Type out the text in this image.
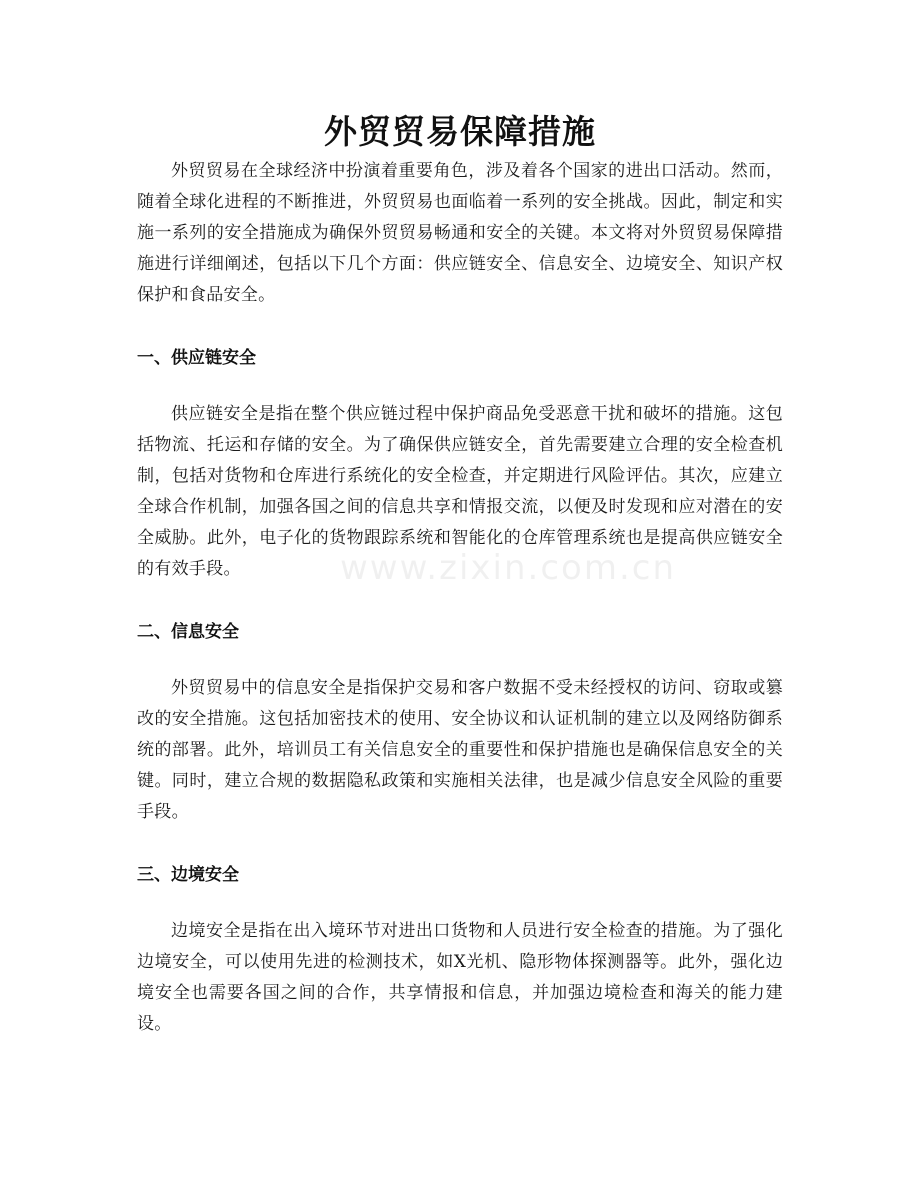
外贸贸易保障措施

外贸贸易在全球经济中扮演着重要角色，涉及着各个国家的进出口活动。然而，随着全球化进程的不断推进，外贸贸易也面临着一系列的安全挑战。因此，制定和实施一系列的安全措施成为确保外贸贸易畅通和安全的关键。本文将对外贸贸易保障措施进行详细阐述，包括以下几个方面：供应链安全、信息安全、边境安全、知识产权保护和食品安全。

一、供应链安全

供应链安全是指在整个供应链过程中保护商品免受恶意干扰和破坏的措施。这包括物流、托运和存储的安全。为了确保供应链安全，首先需要建立合理的安全检查机制，包括对货物和仓库进行系统化的安全检查，并定期进行风险评估。其次，应建立全球合作机制，加强各国之间的信息共享和情报交流，以便及时发现和应对潜在的安全威胁。此外，电子化的货物跟踪系统和智能化的仓库管理系统也是提高供应链安全的有效手段。

二、信息安全

外贸贸易中的信息安全是指保护交易和客户数据不受未经授权的访问、窃取或篡改的安全措施。这包括加密技术的使用、安全协议和认证机制的建立以及网络防御系统的部署。此外，培训员工有关信息安全的重要性和保护措施也是确保信息安全的关键。同时，建立合规的数据隐私政策和实施相关法律，也是减少信息安全风险的重要手段。

三、边境安全

边境安全是指在出入境环节对进出口货物和人员进行安全检查的措施。为了强化边境安全，可以使用先进的检测技术，如X光机、隐形物体探测器等。此外，强化边境安全也需要各国之间的合作，共享情报和信息，并加强边境检查和海关的能力建设。

www.zixin.com.cn
